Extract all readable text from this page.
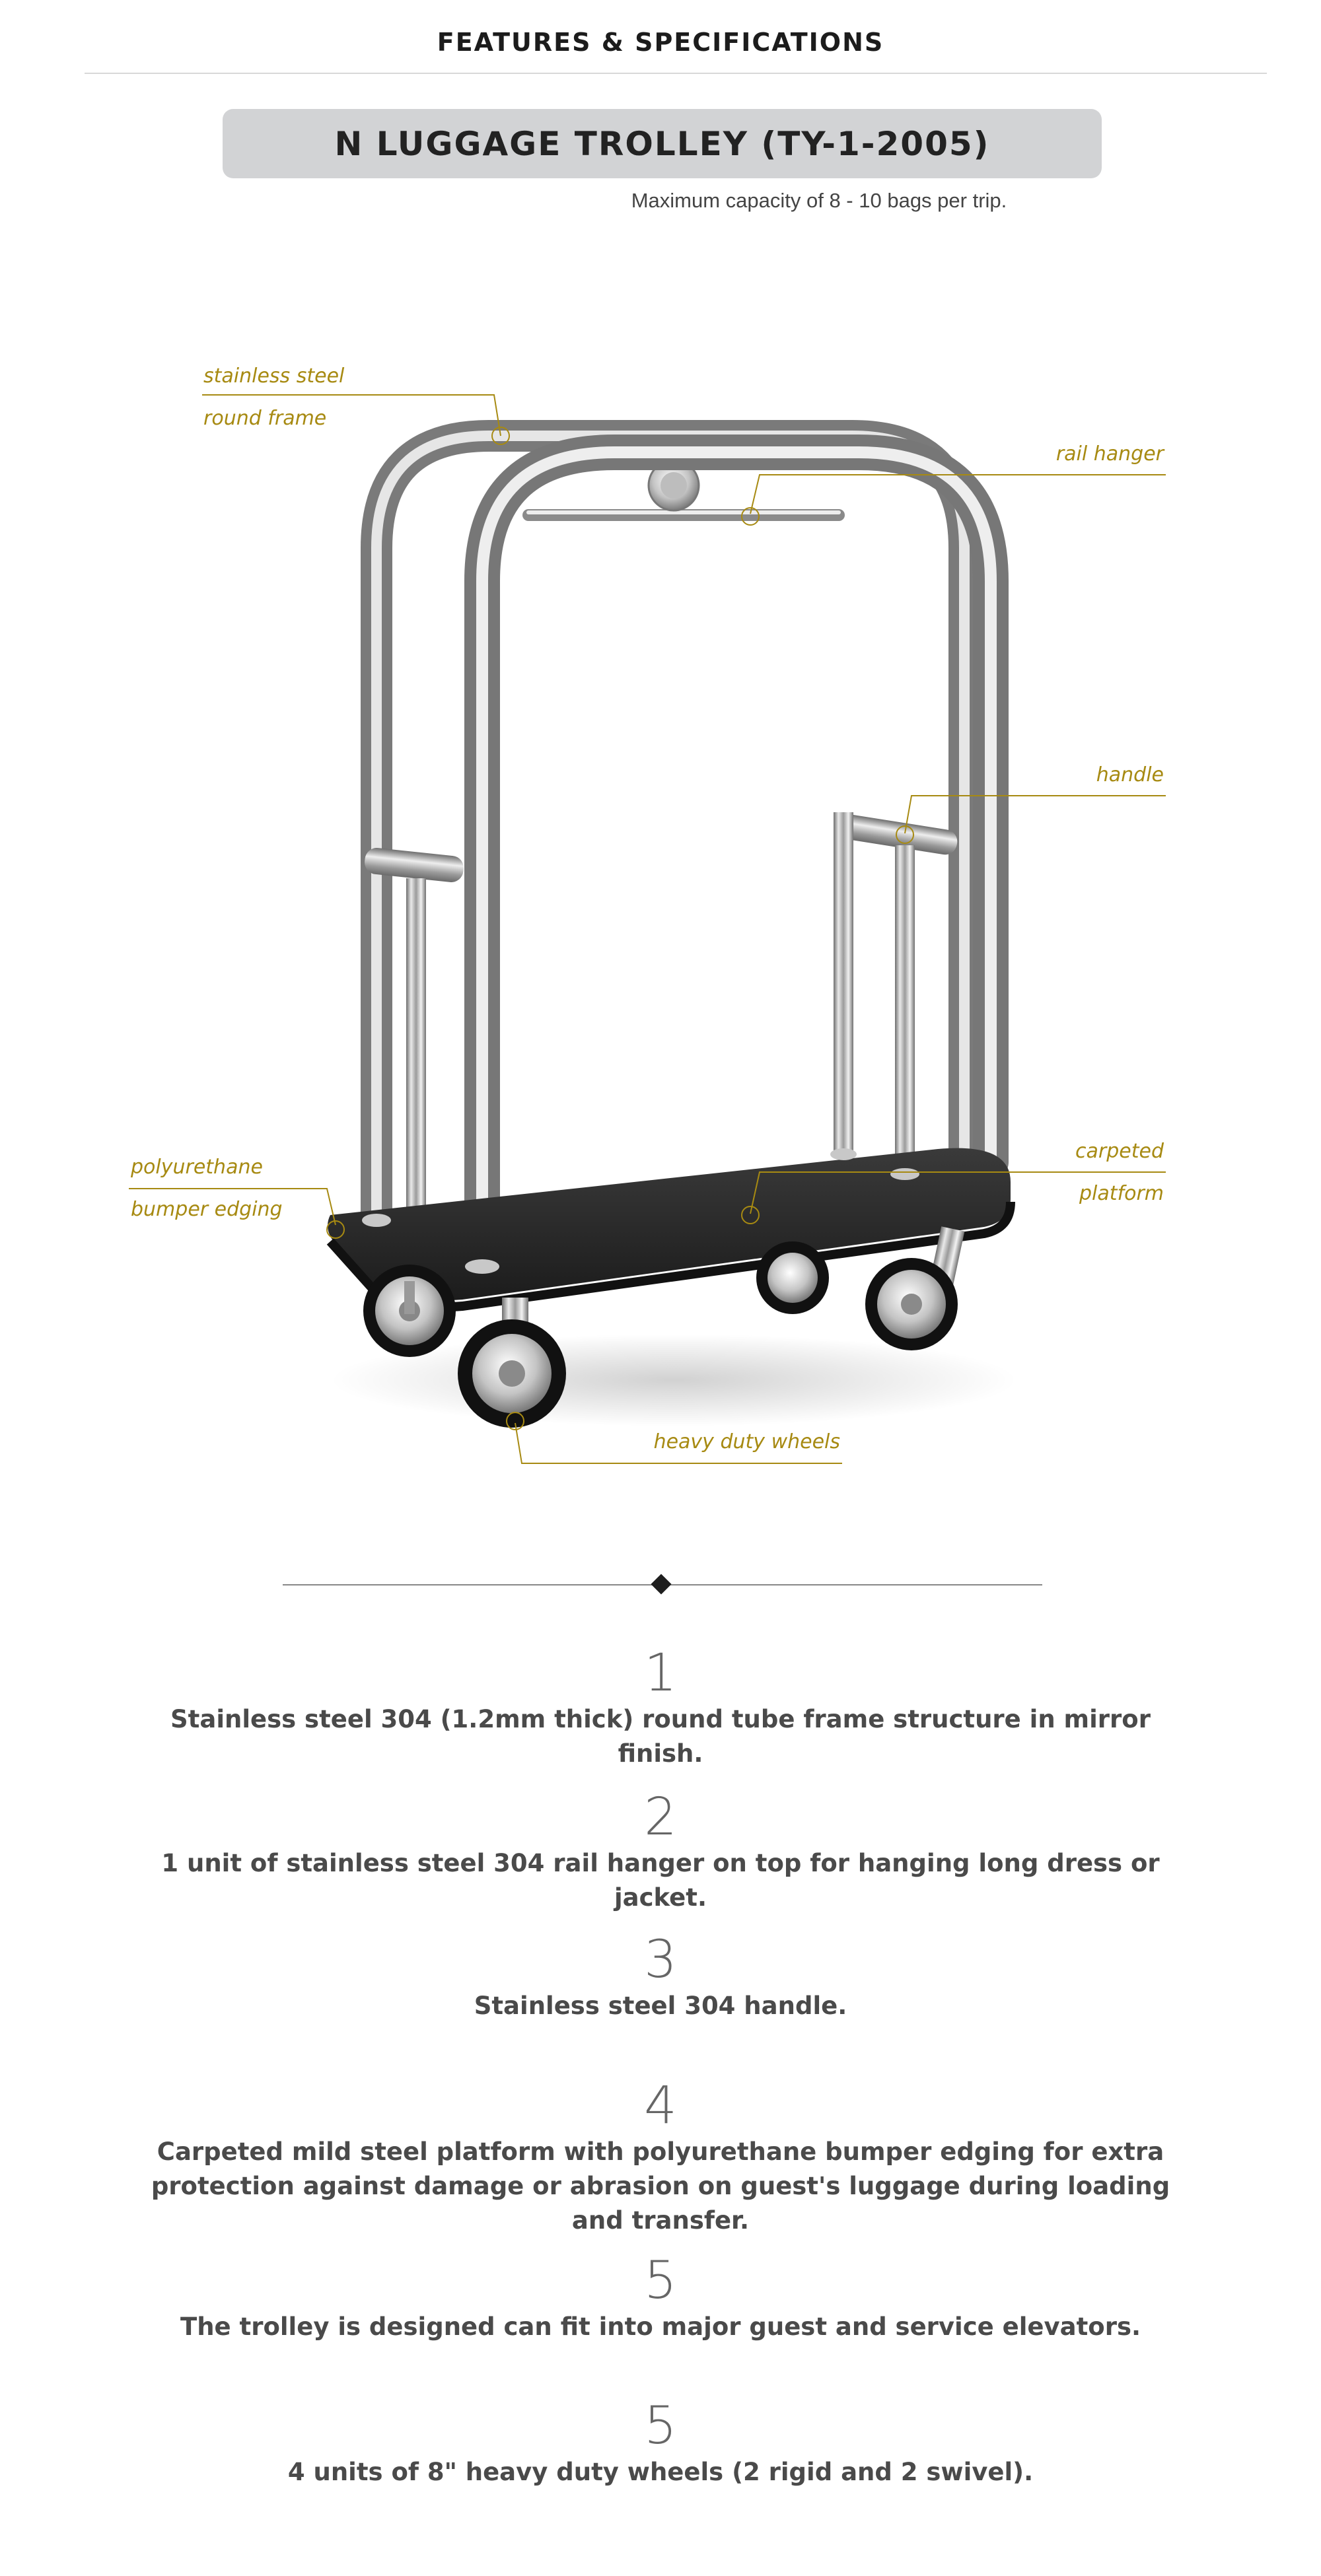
FEATURES & SPECIFICATIONS
N LUGGAGE TROLLEY (TY-1-2005)
Maximum capacity of 8 - 10 bags per trip.
stainless steel
round frame
rail hanger
handle
carpeted
platform
polyurethane
bumper edging
heavy duty wheels
1
Stainless steel 304 (1.2mm thick) round tube frame structure in mirror finish.
2
1 unit of stainless steel 304 rail hanger on top for hanging long dress or jacket.
3
Stainless steel 304 handle.
4
Carpeted mild steel platform with polyurethane bumper edging for extra protection against damage or abrasion on guest's luggage during loading and transfer.
5
The trolley is designed can fit into major guest and service elevators.
5
4 units of 8" heavy duty wheels (2 rigid and 2 swivel).
